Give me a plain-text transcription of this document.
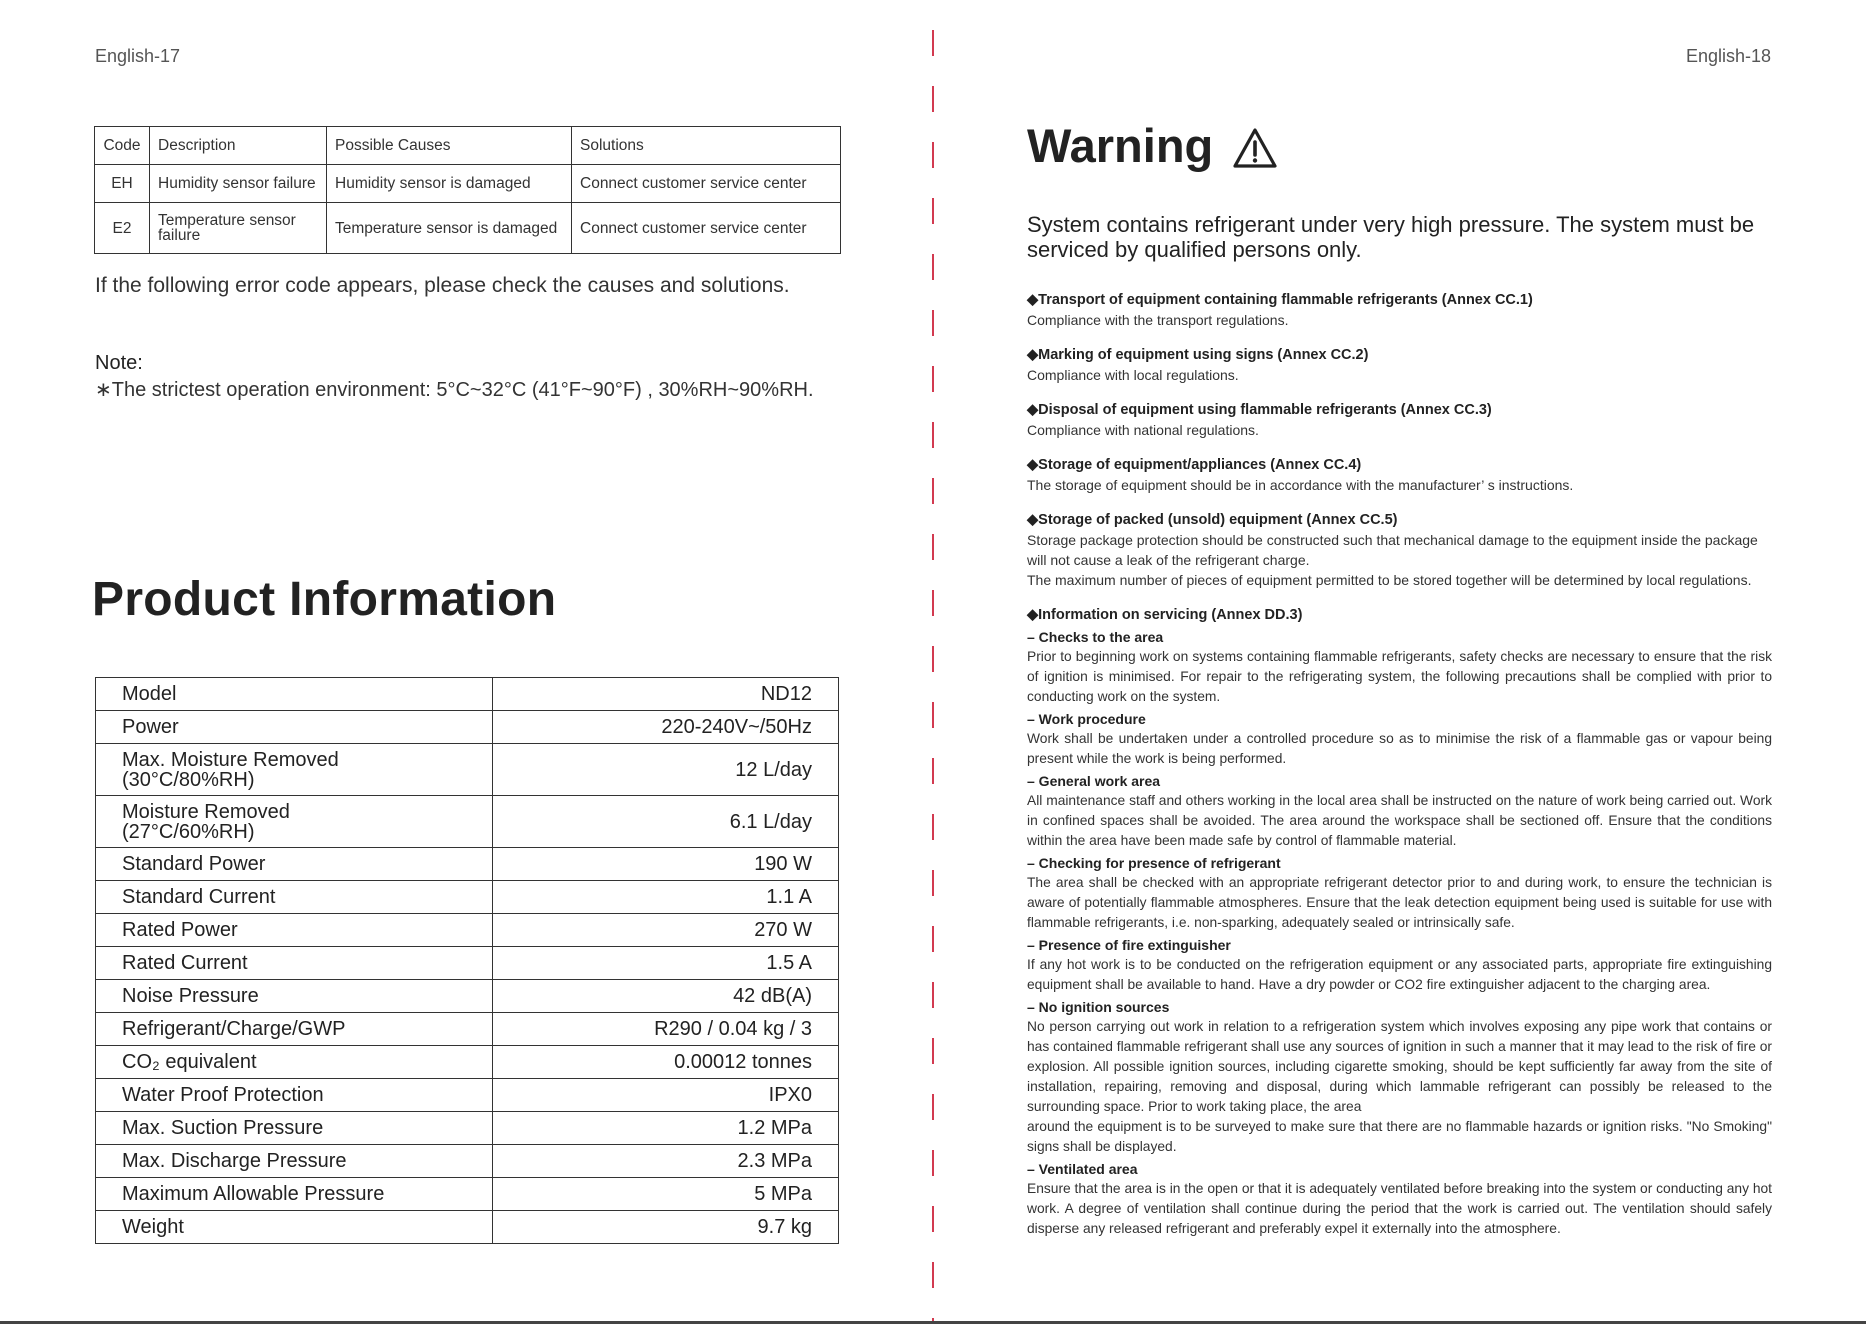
English-17	English-18
Code	Description	Possible Causes	Solutions
EH	Humidity sensor failure	Humidity sensor is damaged	Connect customer service center
E2	Temperature sensor failure	Temperature sensor is damaged	Connect customer service center
If the following error code appears, please check the causes and solutions.
Note:
∗The strictest operation environment: 5°C~32°C (41°F~90°F) , 30%RH~90%RH.
Product Information
Model	ND12
Power	220-240V~/50Hz
Max. Moisture Removed
(30°C/80%RH)	12 L/day
Moisture Removed
(27°C/60%RH)	6.1 L/day
Standard Power	190 W
Standard Current	1.1 A
Rated Power	270 W
Rated Current	1.5 A
Noise Pressure	42 dB(A)
Refrigerant/Charge/GWP	R290 / 0.04 kg / 3
CO₂ equivalent	0.00012 tonnes
Water Proof Protection	IPX0
Max. Suction Pressure	1.2 MPa
Max. Discharge Pressure	2.3 MPa
Maximum Allowable Pressure	5 MPa
Weight	9.7 kg
Warning
System contains refrigerant under very high pressure. The system must be serviced by qualified persons only.
◆Transport of equipment containing flammable refrigerants (Annex CC.1)
Compliance with the transport regulations.
◆Marking of equipment using signs (Annex CC.2)
Compliance with local regulations.
◆Disposal of equipment using flammable refrigerants (Annex CC.3)
Compliance with national regulations.
◆Storage of equipment/appliances (Annex CC.4)
The storage of equipment should be in accordance with the manufacturer’ s instructions.
◆Storage of packed (unsold) equipment (Annex CC.5)
Storage package protection should be constructed such that mechanical damage to the equipment inside the package will not cause a leak of the refrigerant charge.
The maximum number of pieces of equipment permitted to be stored together will be determined by local regulations.
◆Information on servicing (Annex DD.3)
– Checks to the area
Prior to beginning work on systems containing flammable refrigerants, safety checks are necessary to ensure that the risk of ignition is minimised. For repair to the refrigerating system, the following precautions shall be complied with prior to conducting work on the system.
– Work procedure
Work shall be undertaken under a controlled procedure so as to minimise the risk of a flammable gas or vapour being present while the work is being performed.
– General work area
All maintenance staff and others working in the local area shall be instructed on the nature of work being carried out. Work in confined spaces shall be avoided. The area around the workspace shall be sectioned off. Ensure that the conditions within the area have been made safe by control of flammable material.
– Checking for presence of refrigerant
The area shall be checked with an appropriate refrigerant detector prior to and during work, to ensure the technician is aware of potentially flammable atmospheres. Ensure that the leak detection equipment being used is suitable for use with flammable refrigerants, i.e. non-sparking, adequately sealed or intrinsically safe.
– Presence of fire extinguisher
If any hot work is to be conducted on the refrigeration equipment or any associated parts, appropriate fire extinguishing equipment shall be available to hand. Have a dry powder or CO2 fire extinguisher adjacent to the charging area.
– No ignition sources
No person carrying out work in relation to a refrigeration system which involves exposing any pipe work that contains or has contained flammable refrigerant shall use any sources of ignition in such a manner that it may lead to the risk of fire or explosion. All possible ignition sources, including cigarette smoking, should be kept sufficiently far away from the site of installation, repairing, removing and disposal, during which lammable refrigerant can possibly be released to the surrounding space. Prior to work taking place, the area
around the equipment is to be surveyed to make sure that there are no flammable hazards or ignition risks. "No Smoking" signs shall be displayed.
– Ventilated area
Ensure that the area is in the open or that it is adequately ventilated before breaking into the system or conducting any hot work. A degree of ventilation shall continue during the period that the work is carried out. The ventilation should safely disperse any released refrigerant and preferably expel it externally into the atmosphere.
